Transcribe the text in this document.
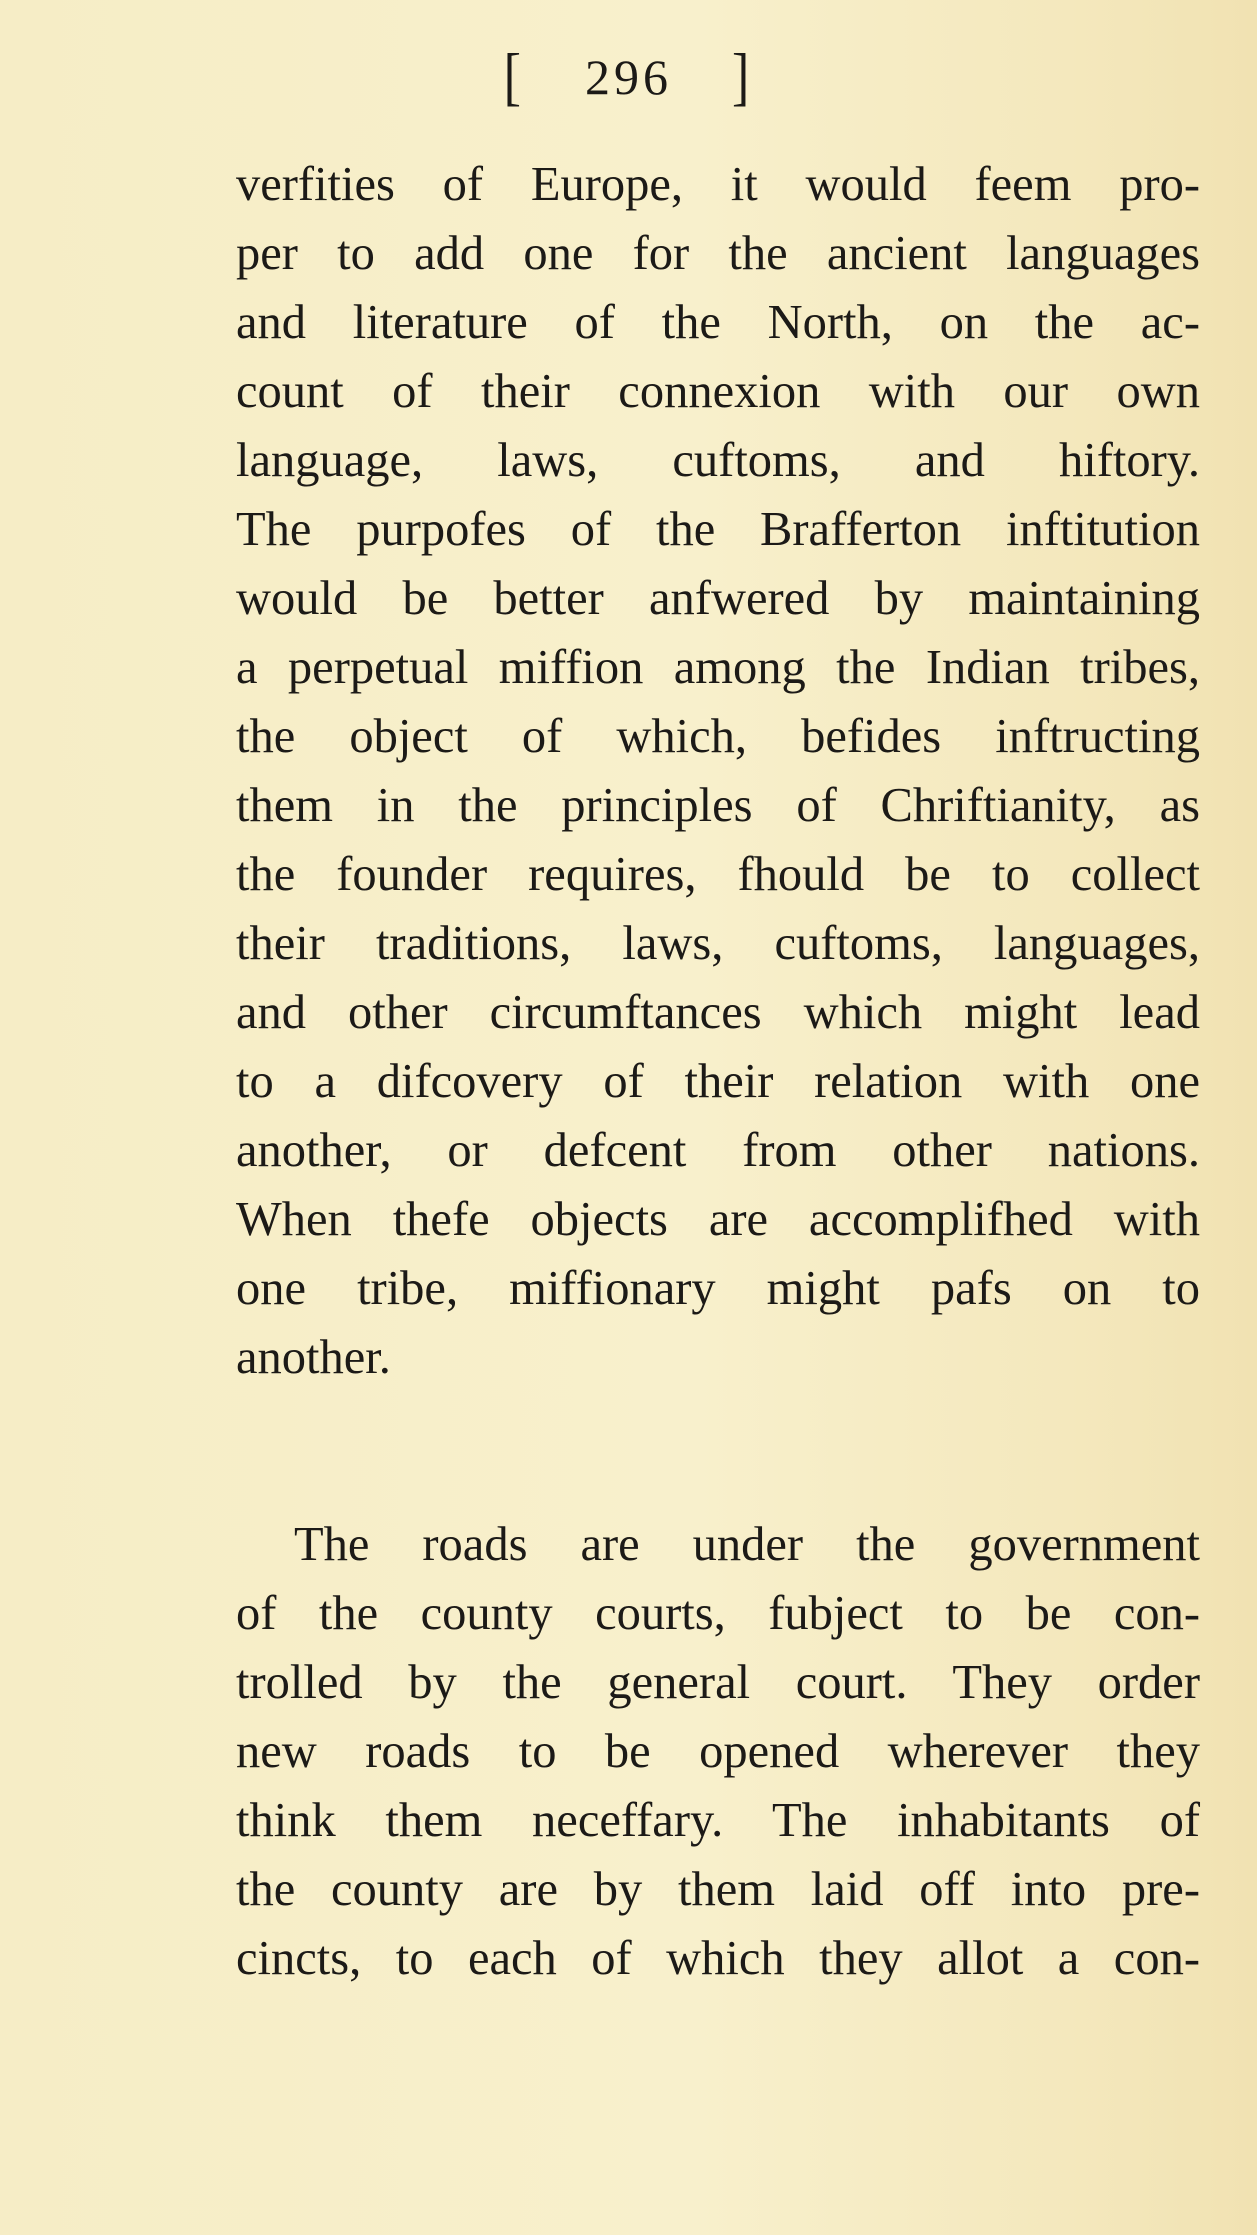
[ 296 ]
verfities of Europe, it would feem pro-
per to add one for the ancient languages
and literature of the North, on the ac-
count of their connexion with our own
language, laws, cuftoms, and hiftory.
The purpofes of the Brafferton inftitution
would be better anfwered by maintaining
a perpetual miffion among the Indian tribes,
the object of which, befides inftructing
them in the principles of Chriftianity, as
the founder requires, fhould be to collect
their traditions, laws, cuftoms, languages,
and other circumftances which might lead
to a difcovery of their relation with one
another, or defcent from other nations.
When thefe objects are accomplifhed with
one tribe, miffionary might pafs on to
another.
The roads are under the government
of the county courts, fubject to be con-
trolled by the general court. They order
new roads to be opened wherever they
think them neceffary. The inhabitants of
the county are by them laid off into pre-
cincts, to each of which they allot a con-
